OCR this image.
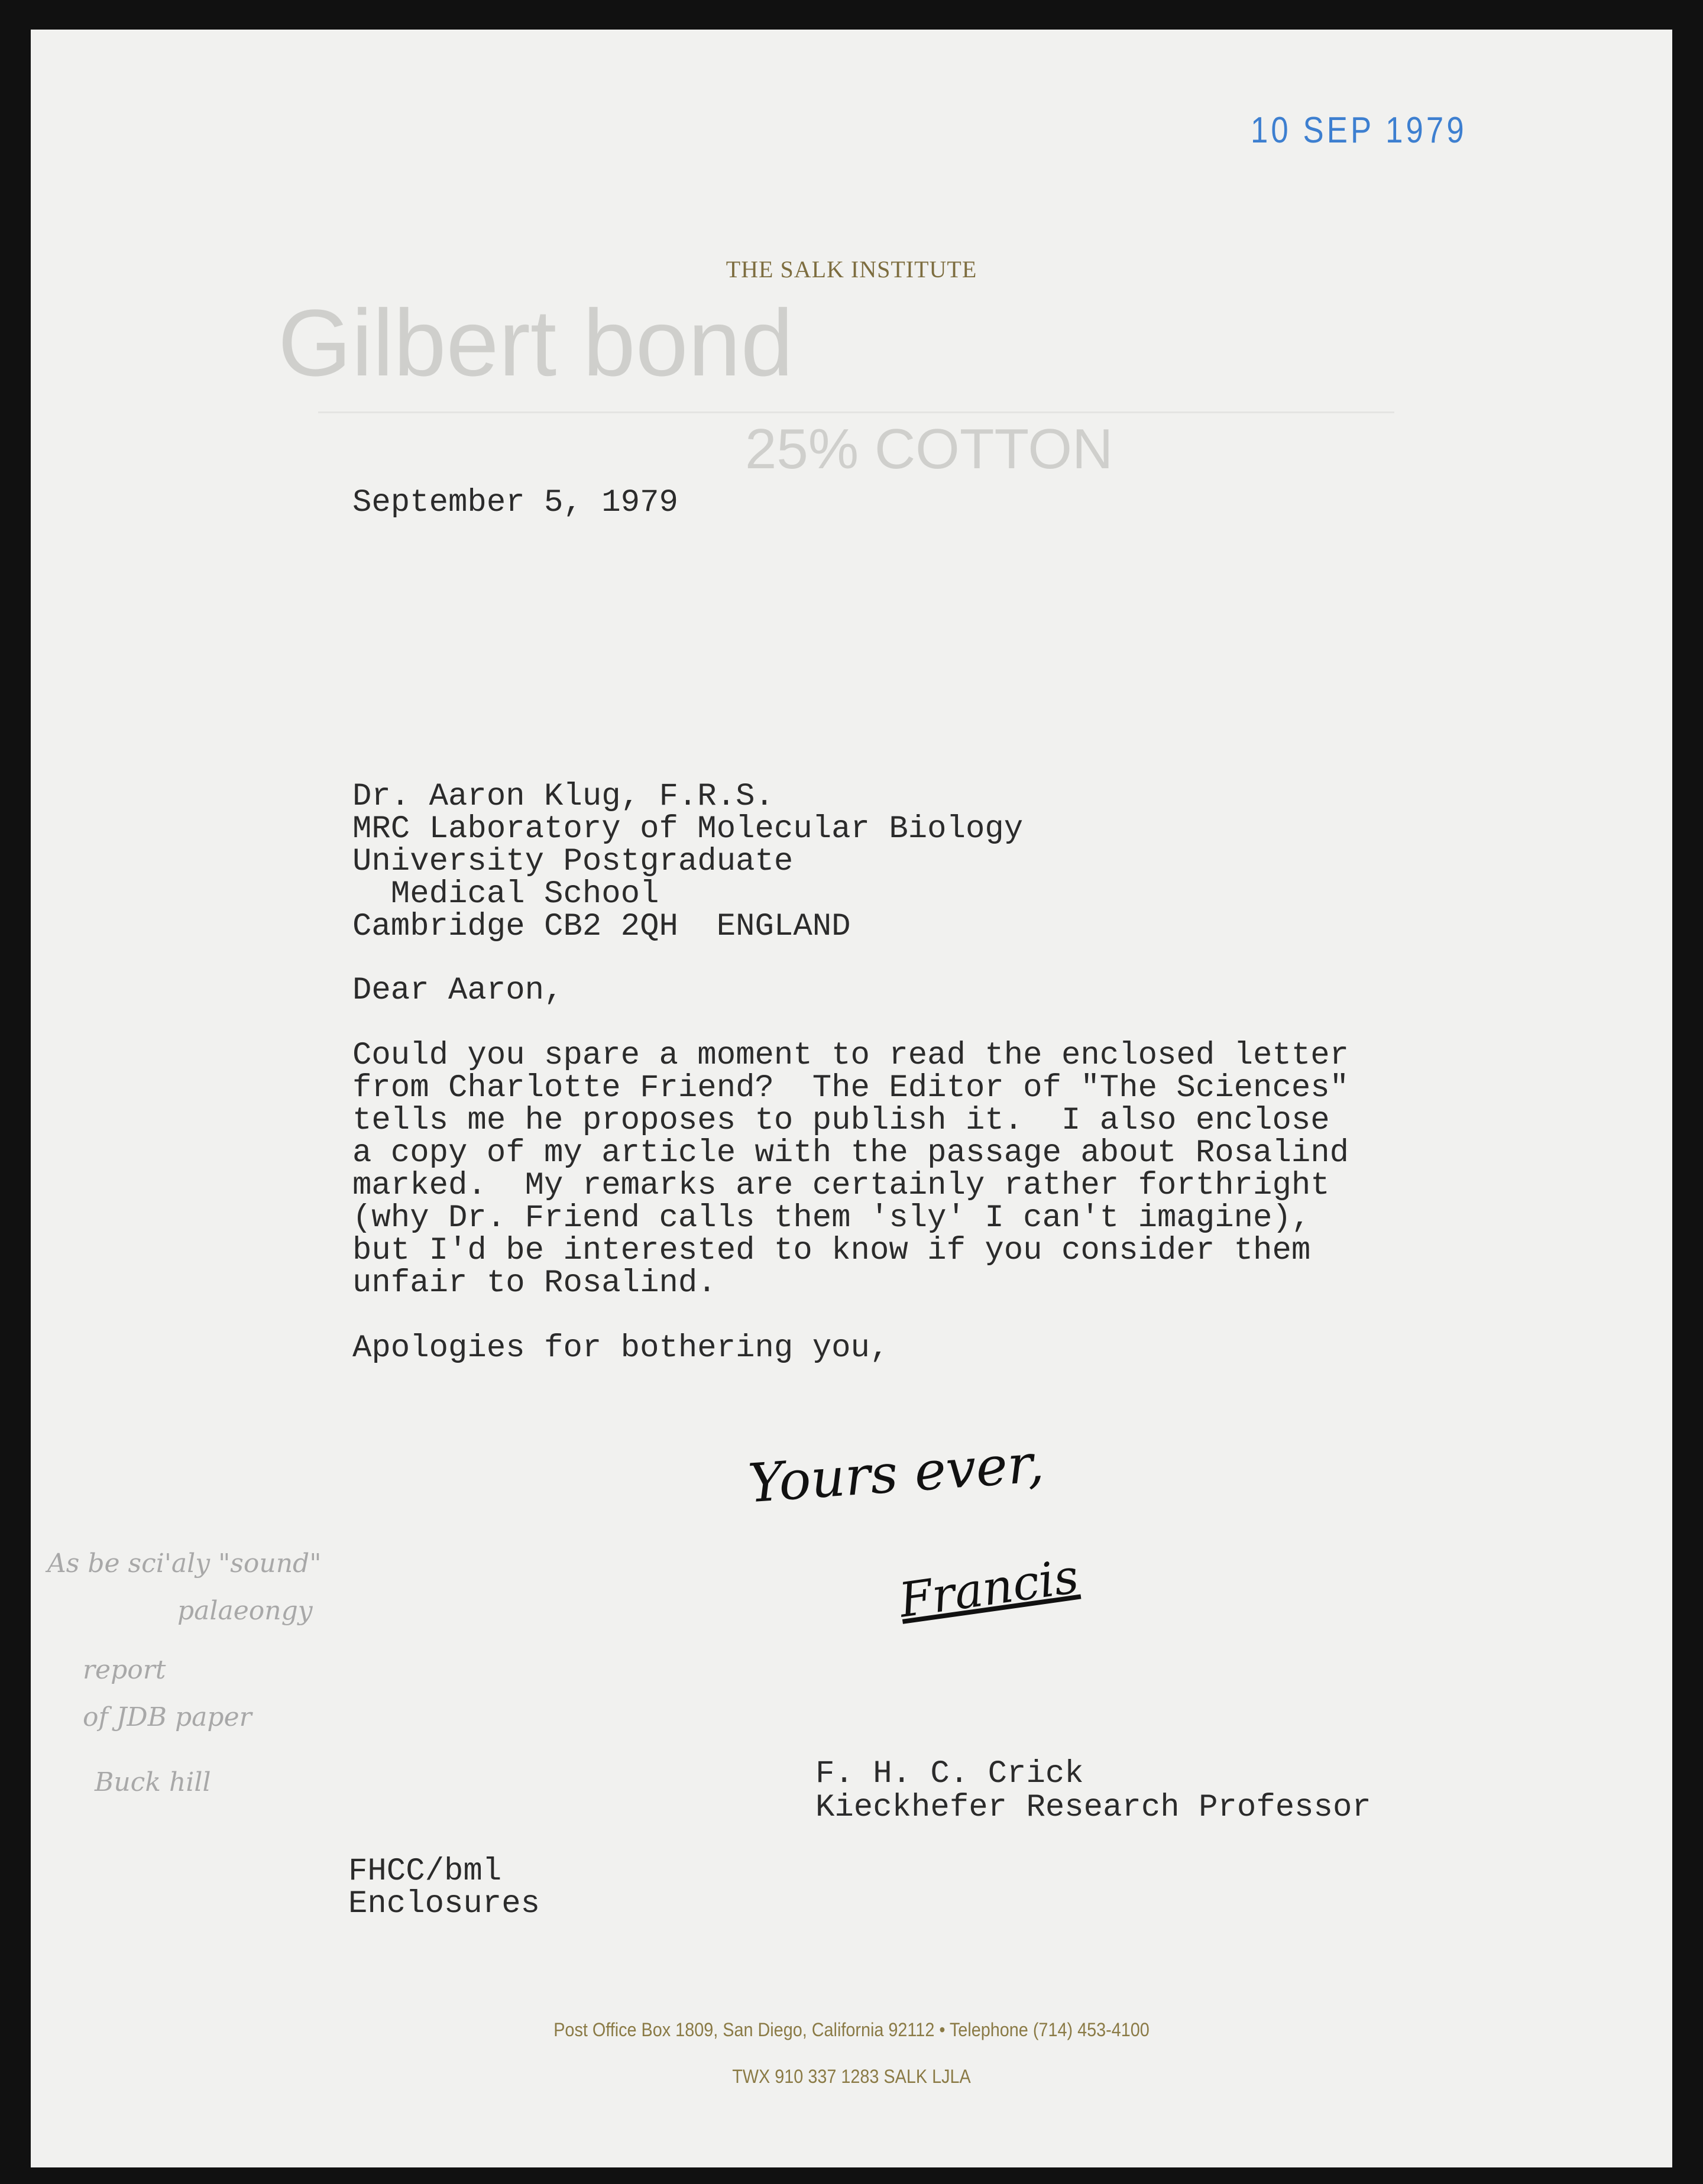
10 SEP 1979
THE SALK INSTITUTE
Gilbert bond
25% COTTON
September 5, 1979
Dr. Aaron Klug, F.R.S.
MRC Laboratory of Molecular Biology
University Postgraduate
Medical School
Cambridge CB2 2QH  ENGLAND
Dear Aaron,
Could you spare a moment to read the enclosed letter
from Charlotte Friend?  The Editor of "The Sciences"
tells me he proposes to publish it.  I also enclose
a copy of my article with the passage about Rosalind
marked.  My remarks are certainly rather forthright
(why Dr. Friend calls them 'sly' I can't imagine),
but I'd be interested to know if you consider them
unfair to Rosalind.
Apologies for bothering you,
Yours ever,
Francis
F. H. C. Crick
Kieckhefer Research Professor
FHCC/bml
Enclosures
As be sci'aly "sound"
palaeongy
report
of JDB paper
Buck hill
Post Office Box 1809, San Diego, California 92112 • Telephone (714) 453-4100
TWX 910 337 1283 SALK LJLA
